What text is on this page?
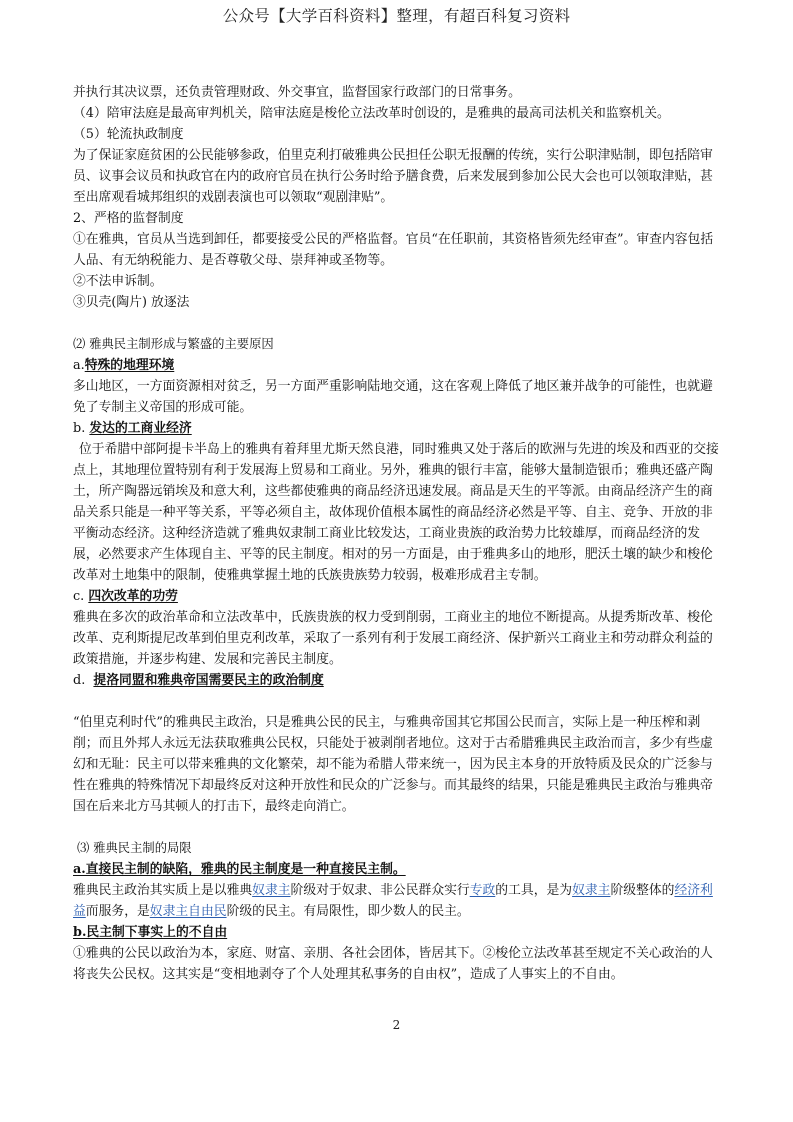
公众号【大学百科资料】整理，有超百科复习资料

并执行其决议票，还负责管理财政、外交事宜，监督国家行政部门的日常事务。

（4）陪审法庭是最高审判机关，陪审法庭是梭伦立法改革时创设的，是雅典的最高司法机关和监察机关。

（5）轮流执政制度

为了保证家庭贫困的公民能够参政，伯里克利打破雅典公民担任公职无报酬的传统，实行公职津贴制，即包括陪审员、议事会议员和执政官在内的政府官员在执行公务时给予膳食费，后来发展到参加公民大会也可以领取津贴，甚至出席观看城邦组织的戏剧表演也可以领取“观剧津贴”。

2、严格的监督制度

①在雅典，官员从当选到卸任，都要接受公民的严格监督。官员“在任职前，其资格皆须先经审查”。审查内容包括人品、有无纳税能力、是否尊敬父母、崇拜神或圣物等。

②不法申诉制。

③贝壳(陶片) 放逐法

⑵ 雅典民主制形成与繁盛的主要原因

a.特殊的地理环境

多山地区，一方面资源相对贫乏，另一方面严重影响陆地交通，这在客观上降低了地区兼并战争的可能性，也就避免了专制主义帝国的形成可能。

b. 发达的工商业经济

位于希腊中部阿提卡半岛上的雅典有着拜里尤斯天然良港，同时雅典又处于落后的欧洲与先进的埃及和西亚的交接点上，其地理位置特别有利于发展海上贸易和工商业。另外，雅典的银行丰富，能够大量制造银币；雅典还盛产陶土，所产陶器远销埃及和意大利，这些都使雅典的商品经济迅速发展。商品是天生的平等派。由商品经济产生的商品关系只能是一种平等关系，平等必须自主，故体现价值根本属性的商品经济必然是平等、自主、竞争、开放的非平衡动态经济。这种经济造就了雅典奴隶制工商业比较发达，工商业贵族的政治势力比较雄厚，而商品经济的发展，必然要求产生体现自主、平等的民主制度。相对的另一方面是，由于雅典多山的地形，肥沃土壤的缺少和梭伦改革对土地集中的限制，使雅典掌握土地的氏族贵族势力较弱，极难形成君主专制。

c. 四次改革的功劳

雅典在多次的政治革命和立法改革中，氏族贵族的权力受到削弱，工商业主的地位不断提高。从提秀斯改革、梭伦改革、克利斯提尼改革到伯里克利改革，采取了一系列有利于发展工商经济、保护新兴工商业主和劳动群众利益的政策措施，并逐步构建、发展和完善民主制度。

d. 提洛同盟和雅典帝国需要民主的政治制度

“伯里克利时代”的雅典民主政治，只是雅典公民的民主，与雅典帝国其它邦国公民而言，实际上是一种压榨和剥削；而且外邦人永远无法获取雅典公民权，只能处于被剥削者地位。这对于古希腊雅典民主政治而言，多少有些虚幻和无耻：民主可以带来雅典的文化繁荣，却不能为希腊人带来统一，因为民主本身的开放特质及民众的广泛参与性在雅典的特殊情况下却最终反对这种开放性和民众的广泛参与。而其最终的结果，只能是雅典民主政治与雅典帝国在后来北方马其顿人的打击下，最终走向消亡。

⑶ 雅典民主制的局限

a.直接民主制的缺陷，雅典的民主制度是一种直接民主制。

雅典民主政治其实质上是以雅典奴隶主阶级对于奴隶、非公民群众实行专政的工具，是为奴隶主阶级整体的经济利益而服务，是奴隶主自由民阶级的民主。有局限性，即少数人的民主。

b.民主制下事实上的不自由

①雅典的公民以政治为本，家庭、财富、亲朋、各社会团体，皆居其下。②梭伦立法改革甚至规定不关心政治的人将丧失公民权。这其实是“变相地剥夺了个人处理其私事务的自由权”，造成了人事实上的不自由。

2
